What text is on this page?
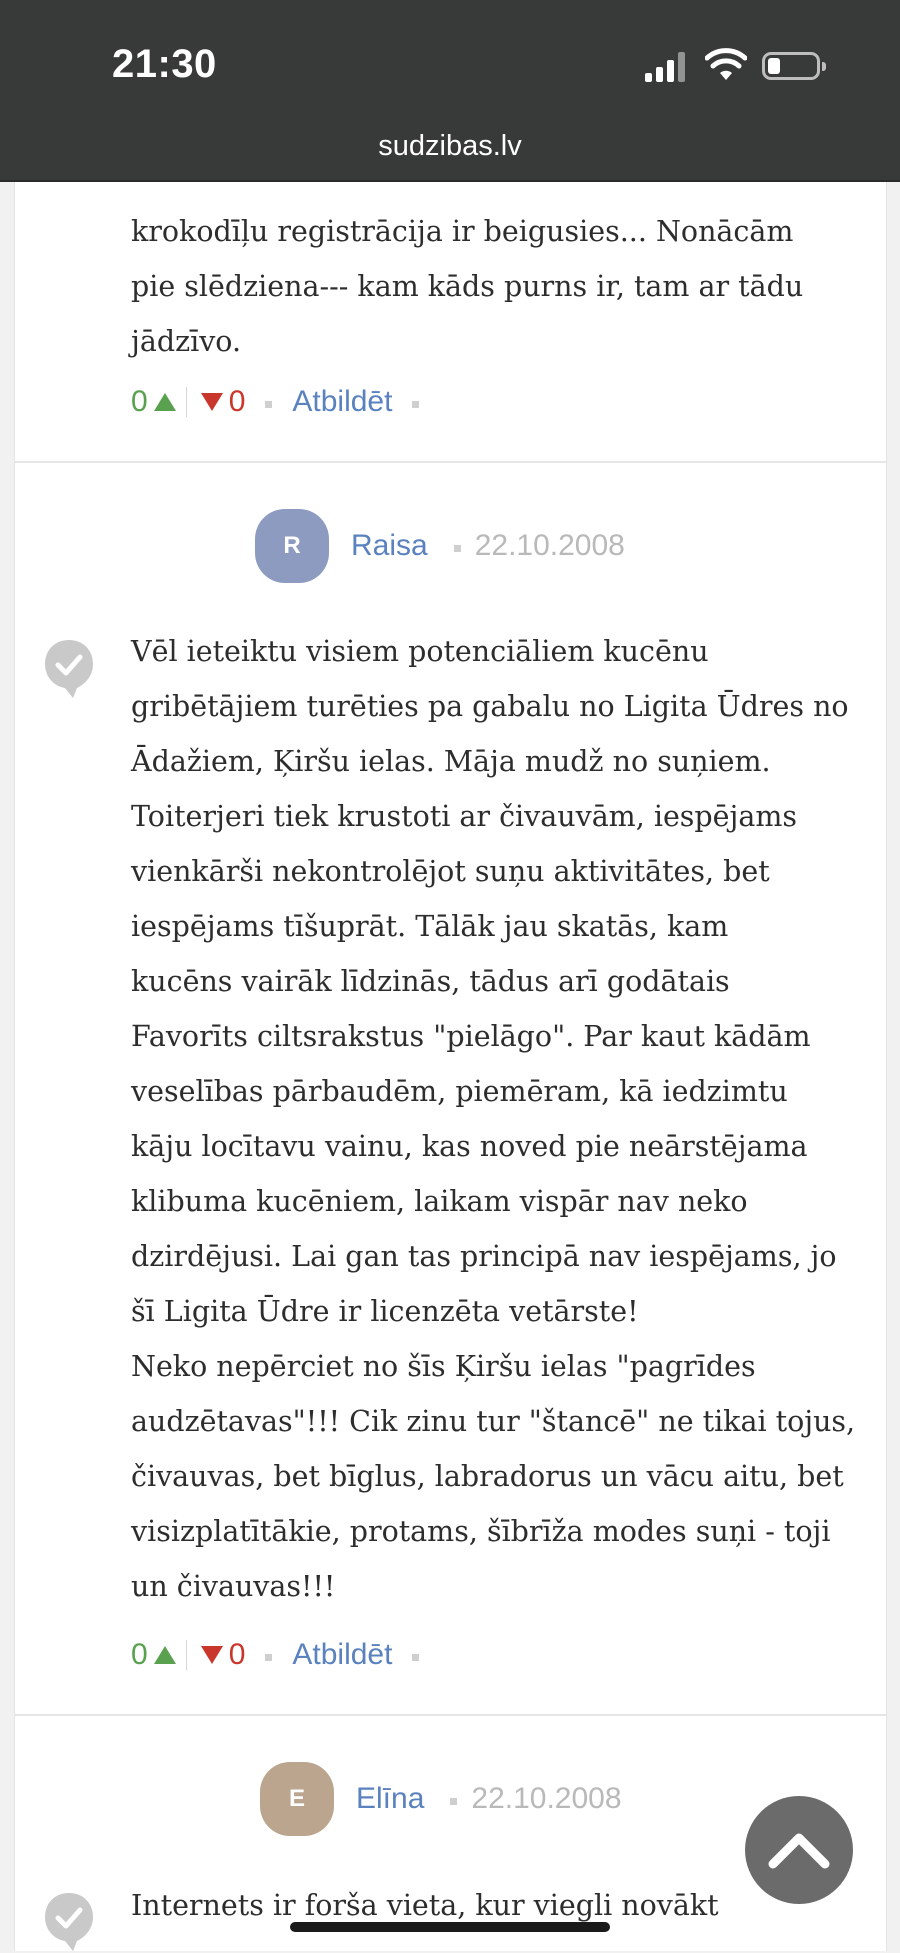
21:30
sudzibas.lv
krokodīļu registrācija ir beigusies... Nonācām
pie slēdziena--- kam kāds purns ir, tam ar tādu
jādzīvo.
0	0 Atbildēt
R	Raisa 22.10.2008
Vēl ieteiktu visiem potenciāliem kucēnu
gribētājiem turēties pa gabalu no Ligita Ūdres no
Ādažiem, Ķiršu ielas. Māja mudž no suņiem.
Toiterjeri tiek krustoti ar čivauvām, iespējams
vienkārši nekontrolējot suņu aktivitātes, bet
iespējams tīšuprāt. Tālāk jau skatās, kam
kucēns vairāk līdzinās, tādus arī godātais
Favorīts ciltsrakstus "pielāgo". Par kaut kādām
veselības pārbaudēm, piemēram, kā iedzimtu
kāju locītavu vainu, kas noved pie neārstējama
klibuma kucēniem, laikam vispār nav neko
dzirdējusi. Lai gan tas principā nav iespējams, jo
šī Ligita Ūdre ir licenzēta vetārste!
Neko nepērciet no šīs Ķiršu ielas "pagrīdes
audzētavas"!!! Cik zinu tur "štancē" ne tikai tojus,
čivauvas, bet bīglus, labradorus un vācu aitu, bet
visizplatītākie, protams, šībrīža modes suņi - toji
un čivauvas!!!
0	0 Atbildēt
E	Elīna 22.10.2008
Internets ir forša vieta, kur viegli novākt
